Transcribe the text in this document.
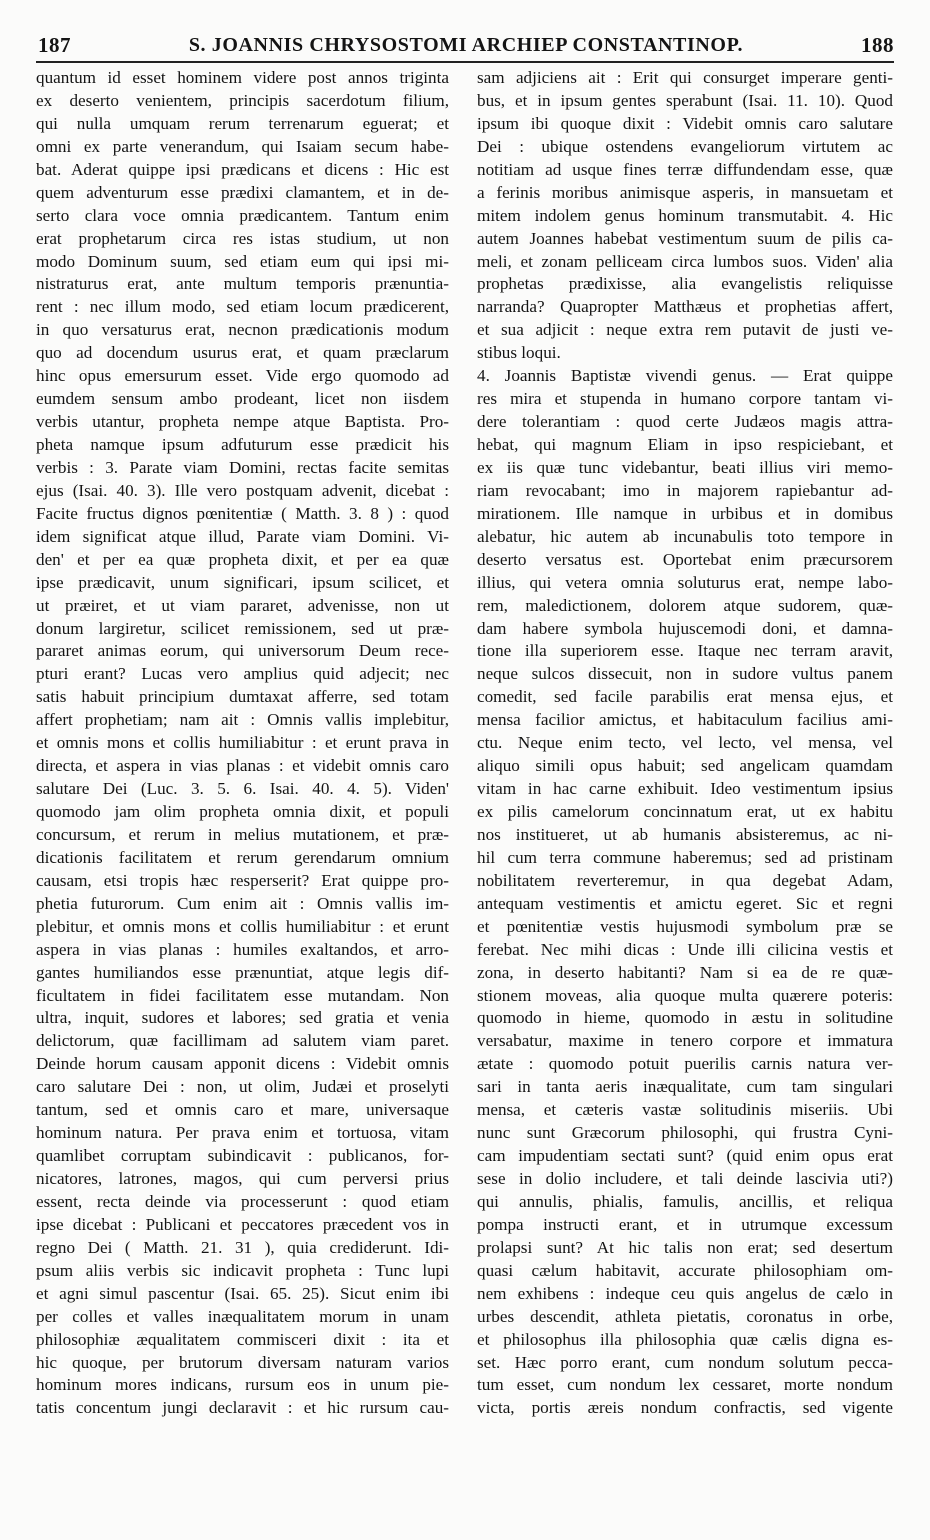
187	S. JOANNIS CHRYSOSTOMI ARCHIEP CONSTANTINOP.	188
quantum id esset hominem videre post annos triginta
ex deserto venientem, principis sacerdotum filium,
qui nulla umquam rerum terrenarum eguerat; et
omni ex parte venerandum, qui Isaiam secum habe-
bat. Aderat quippe ipsi prædicans et dicens : Hic est
quem adventurum esse prædixi clamantem, et in de-
serto clara voce omnia prædicantem. Tantum enim
erat prophetarum circa res istas studium, ut non
modo Dominum suum, sed etiam eum qui ipsi mi-
nistraturus erat, ante multum temporis prænuntia-
rent : nec illum modo, sed etiam locum prædicerent,
in quo versaturus erat, necnon prædicationis modum
quo ad docendum usurus erat, et quam præclarum
hinc opus emersurum esset. Vide ergo quomodo ad
eumdem sensum ambo prodeant, licet non iisdem
verbis utantur, propheta nempe atque Baptista. Pro-
pheta namque ipsum adfuturum esse prædicit his
verbis : 3. Parate viam Domini, rectas facite semitas
ejus (Isai. 40. 3). Ille vero postquam advenit, dicebat :
Facite fructus dignos pœnitentiæ ( Matth. 3. 8 ) : quod
idem significat atque illud, Parate viam Domini. Vi-
den' et per ea quæ propheta dixit, et per ea quæ
ipse prædicavit, unum significari, ipsum scilicet, et
ut præiret, et ut viam pararet, advenisse, non ut
donum largiretur, scilicet remissionem, sed ut præ-
pararet animas eorum, qui universorum Deum rece-
pturi erant? Lucas vero amplius quid adjecit; nec
satis habuit principium dumtaxat afferre, sed totam
affert prophetiam; nam ait : Omnis vallis implebitur,
et omnis mons et collis humiliabitur : et erunt prava in
directa, et aspera in vias planas : et videbit omnis caro
salutare Dei (Luc. 3. 5. 6. Isai. 40. 4. 5). Viden'
quomodo jam olim propheta omnia dixit, et populi
concursum, et rerum in melius mutationem, et præ-
dicationis facilitatem et rerum gerendarum omnium
causam, etsi tropis hæc resperserit? Erat quippe pro-
phetia futurorum. Cum enim ait : Omnis vallis im-
plebitur, et omnis mons et collis humiliabitur : et erunt
aspera in vias planas : humiles exaltandos, et arro-
gantes humiliandos esse prænuntiat, atque legis dif-
ficultatem in fidei facilitatem esse mutandam. Non
ultra, inquit, sudores et labores; sed gratia et venia
delictorum, quæ facillimam ad salutem viam paret.
Deinde horum causam apponit dicens : Videbit omnis
caro salutare Dei : non, ut olim, Judæi et proselyti
tantum, sed et omnis caro et mare, universaque
hominum natura. Per prava enim et tortuosa, vitam
quamlibet corruptam subindicavit : publicanos, for-
nicatores, latrones, magos, qui cum perversi prius
essent, recta deinde via processerunt : quod etiam
ipse dicebat : Publicani et peccatores præcedent vos in
regno Dei ( Matth. 21. 31 ), quia crediderunt. Idi-
psum aliis verbis sic indicavit propheta : Tunc lupi
et agni simul pascentur (Isai. 65. 25). Sicut enim ibi
per colles et valles inæqualitatem morum in unam
philosophiæ æqualitatem commisceri dixit : ita et
hic quoque, per brutorum diversam naturam varios
hominum mores indicans, rursum eos in unum pie-
tatis concentum jungi declaravit : et hic rursum cau-
sam adjiciens ait : Erit qui consurget imperare genti-
bus, et in ipsum gentes sperabunt (Isai. 11. 10). Quod
ipsum ibi quoque dixit : Videbit omnis caro salutare
Dei : ubique ostendens evangeliorum virtutem ac
notitiam ad usque fines terræ diffundendam esse, quæ
a ferinis moribus animisque asperis, in mansuetam et
mitem indolem genus hominum transmutabit. 4. Hic
autem Joannes habebat vestimentum suum de pilis ca-
meli, et zonam pelliceam circa lumbos suos. Viden' alia
prophetas prædixisse, alia evangelistis reliquisse
narranda? Quapropter Matthæus et prophetias affert,
et sua adjicit : neque extra rem putavit de justi ve-
stibus loqui.
4. Joannis Baptistæ vivendi genus. — Erat quippe
res mira et stupenda in humano corpore tantam vi-
dere tolerantiam : quod certe Judæos magis attra-
hebat, qui magnum Eliam in ipso respiciebant, et
ex iis quæ tunc videbantur, beati illius viri memo-
riam revocabant; imo in majorem rapiebantur ad-
mirationem. Ille namque in urbibus et in domibus
alebatur, hic autem ab incunabulis toto tempore in
deserto versatus est. Oportebat enim præcursorem
illius, qui vetera omnia soluturus erat, nempe labo-
rem, maledictionem, dolorem atque sudorem, quæ-
dam habere symbola hujuscemodi doni, et damna-
tione illa superiorem esse. Itaque nec terram aravit,
neque sulcos dissecuit, non in sudore vultus panem
comedit, sed facile parabilis erat mensa ejus, et
mensa facilior amictus, et habitaculum facilius ami-
ctu. Neque enim tecto, vel lecto, vel mensa, vel
aliquo simili opus habuit; sed angelicam quamdam
vitam in hac carne exhibuit. Ideo vestimentum ipsius
ex pilis camelorum concinnatum erat, ut ex habitu
nos institueret, ut ab humanis absisteremus, ac ni-
hil cum terra commune haberemus; sed ad pristinam
nobilitatem reverteremur, in qua degebat Adam,
antequam vestimentis et amictu egeret. Sic et regni
et pœnitentiæ vestis hujusmodi symbolum præ se
ferebat. Nec mihi dicas : Unde illi cilicina vestis et
zona, in deserto habitanti? Nam si ea de re quæ-
stionem moveas, alia quoque multa quærere poteris:
quomodo in hieme, quomodo in æstu in solitudine
versabatur, maxime in tenero corpore et immatura
ætate : quomodo potuit puerilis carnis natura ver-
sari in tanta aeris inæqualitate, cum tam singulari
mensa, et cæteris vastæ solitudinis miseriis. Ubi
nunc sunt Græcorum philosophi, qui frustra Cyni-
cam impudentiam sectati sunt? (quid enim opus erat
sese in dolio includere, et tali deinde lascivia uti?)
qui annulis, phialis, famulis, ancillis, et reliqua
pompa instructi erant, et in utrumque excessum
prolapsi sunt? At hic talis non erat; sed desertum
quasi cælum habitavit, accurate philosophiam om-
nem exhibens : indeque ceu quis angelus de cælo in
urbes descendit, athleta pietatis, coronatus in orbe,
et philosophus illa philosophia quæ cælis digna es-
set. Hæc porro erant, cum nondum solutum pecca-
tum esset, cum nondum lex cessaret, morte nondum
victa, portis æreis nondum confractis, sed vigente
